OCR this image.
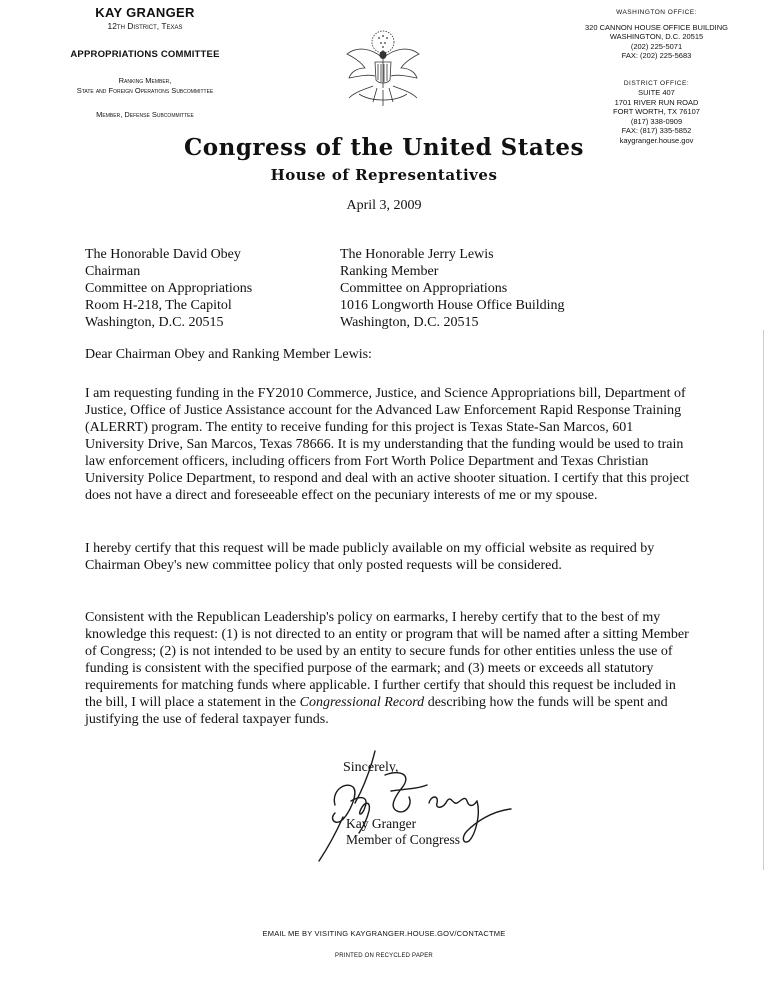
KAY GRANGER
12th District, Texas
APPROPRIATIONS COMMITTEE
Ranking Member,
State and Foreign Operations Subcommittee
Member, Defense Subcommittee
WASHINGTON OFFICE:
320 CANNON HOUSE OFFICE BUILDING
WASHINGTON, D.C. 20515
(202) 225-5071
FAX: (202) 225-5683
DISTRICT OFFICE:
SUITE 407
1701 RIVER RUN ROAD
FORT WORTH, TX 76107
(817) 338-0909
FAX: (817) 335-5852
kaygranger.house.gov
Congress of the United States
House of Representatives
April 3, 2009
The Honorable David Obey
Chairman
Committee on Appropriations
Room H-218, The Capitol
Washington, D.C. 20515
The Honorable Jerry Lewis
Ranking Member
Committee on Appropriations
1016 Longworth House Office Building
Washington, D.C. 20515
Dear Chairman Obey and Ranking Member Lewis:

I am requesting funding in the FY2010 Commerce, Justice, and Science Appropriations bill, Department of Justice, Office of Justice Assistance account for the Advanced Law Enforcement Rapid Response Training (ALERRT) program. The entity to receive funding for this project is Texas State-San Marcos, 601 University Drive, San Marcos, Texas 78666. It is my understanding that the funding would be used to train law enforcement officers, including officers from Fort Worth Police Department and Texas Christian University Police Department, to respond and deal with an active shooter situation. I certify that this project does not have a direct and foreseeable effect on the pecuniary interests of me or my spouse.

I hereby certify that this request will be made publicly available on my official website as required by Chairman Obey's new committee policy that only posted requests will be considered.

Consistent with the Republican Leadership's policy on earmarks, I hereby certify that to the best of my knowledge this request: (1) is not directed to an entity or program that will be named after a sitting Member of Congress; (2) is not intended to be used by an entity to secure funds for other entities unless the use of funding is consistent with the specified purpose of the earmark; and (3) meets or exceeds all statutory requirements for matching funds where applicable. I further certify that should this request be included in the bill, I will place a statement in the Congressional Record describing how the funds will be spent and justifying the use of federal taxpayer funds.

Sincerely,
Kay Granger
Member of Congress
EMAIL ME BY VISITING KAYGRANGER.HOUSE.GOV/CONTACTME
PRINTED ON RECYCLED PAPER
